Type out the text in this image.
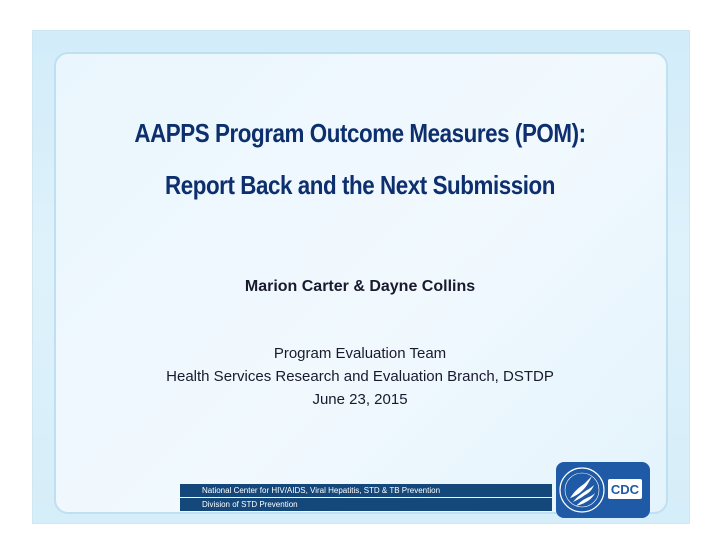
AAPPS Program Outcome Measures (POM):
Report Back and the Next Submission
Marion Carter & Dayne Collins
Program Evaluation Team
Health Services Research and Evaluation Branch, DSTDP
June 23, 2015
National Center for HIV/AIDS, Viral Hepatitis, STD & TB Prevention
Division of STD Prevention
CDC
